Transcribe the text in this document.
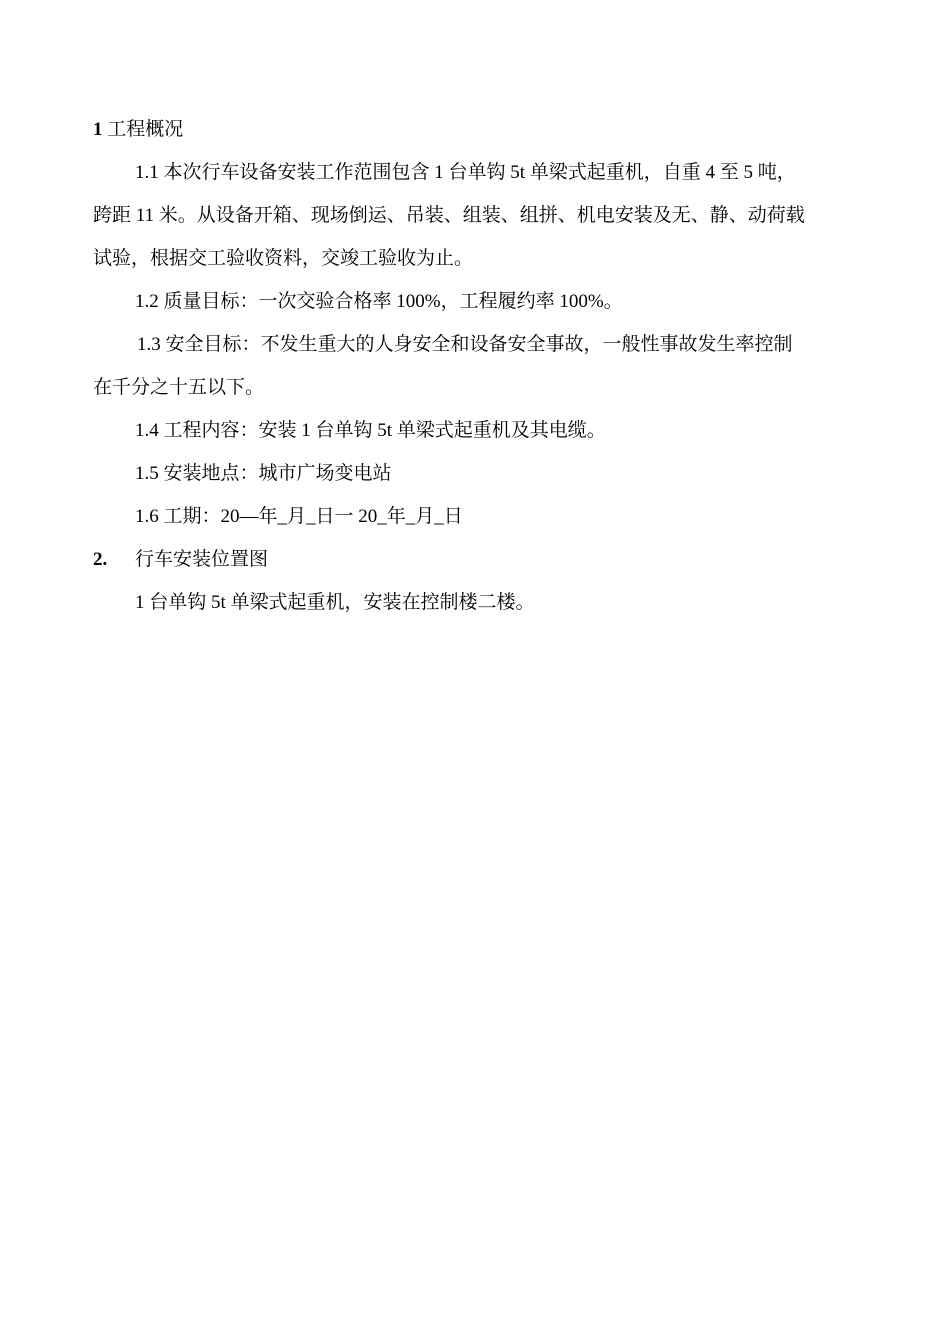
1 工程概况

1.1 本次行车设备安装工作范围包含 1 台单钩 5t 单梁式起重机，自重 4 至 5 吨，

跨距 11 米。从设备开箱、现场倒运、吊装、组装、组拼、机电安装及无、静、动荷载

试验，根据交工验收资料，交竣工验收为止。

1.2 质量目标：一次交验合格率 100%，工程履约率 100%。

1.3 安全目标：不发生重大的人身安全和设备安全事故，一般性事故发生率控制

在千分之十五以下。

1.4 工程内容：安装 1 台单钩 5t 单梁式起重机及其电缆。

1.5 安装地点：城市广场变电站

1.6 工期：20—年_月_日一 20_年_月_日

2. 行车安装位置图

1 台单钩 5t 单梁式起重机，安装在控制楼二楼。
